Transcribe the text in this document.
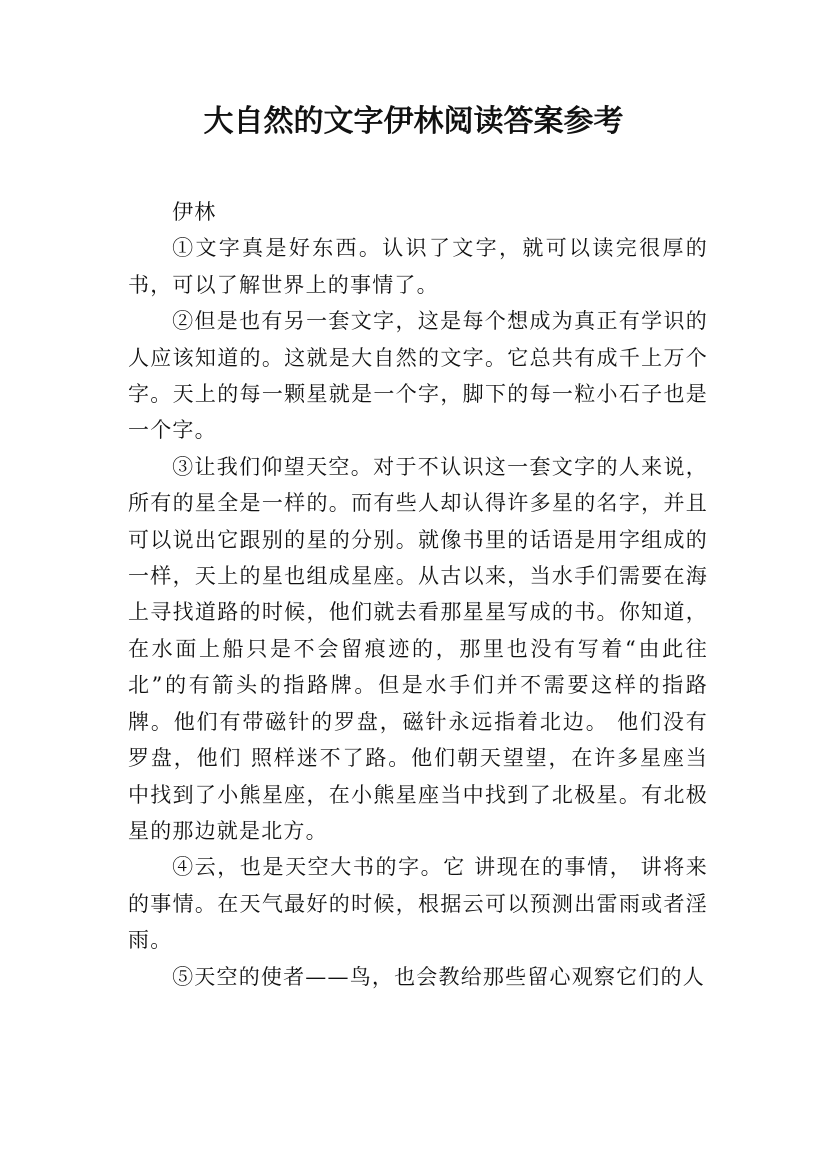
大自然的文字伊林阅读答案参考

伊林

①文字真是好东西。认识了文字，就可以读完很厚的书，可以了解世界上的事情了。

②但是也有另一套文字，这是每个想成为真正有学识的人应该知道的。这就是大自然的文字。它总共有成千上万个字。天上的每一颗星就是一个字，脚下的每一粒小石子也是一个字。

③让我们仰望天空。对于不认识这一套文字的人来说，所有的星全是一样的。而有些人却认得许多星的名字，并且可以说出它跟别的星的分别。就像书里的话语是用字组成的一样，天上的星也组成星座。从古以来，当水手们需要在海上寻找道路的时候，他们就去看那星星写成的书。你知道，在水面上船只是不会留痕迹的，那里也没有写着“由此往北”的有箭头的指路牌。但是水手们并不需要这样的指路牌。他们有带磁针的罗盘，磁针永远指着北边。 他们没有罗盘，他们 照样迷不了路。他们朝天望望，在许多星座当中找到了小熊星座，在小熊星座当中找到了北极星。有北极星的那边就是北方。

④云，也是天空大书的字。它 讲现在的事情， 讲将来的事情。在天气最好的时候，根据云可以预测出雷雨或者淫雨。

⑤天空的使者——鸟，也会教给那些留心观察它们的人
